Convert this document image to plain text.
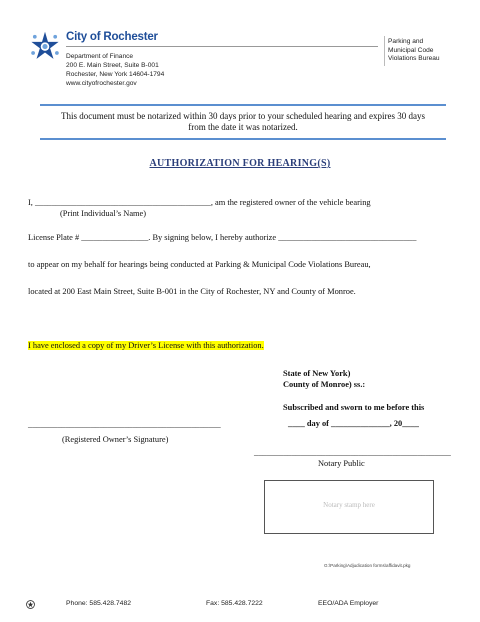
City of Rochester
Department of Finance
200 E. Main Street, Suite B-001
Rochester, New York 14604-1794
www.cityofrochester.gov
Parking and
Municipal Code
Violations Bureau
This document must be notarized within 30 days prior to your scheduled hearing and expires 30 days
from the date it was notarized.
AUTHORIZATION FOR HEARING(S)
I, __________________________________________, am the registered owner of the vehicle bearing
(Print Individual’s Name)
License Plate # ________________. By signing below, I hereby authorize _________________________________
to appear on my behalf for hearings being conducted at Parking & Municipal Code Violations Bureau,
located at 200 East Main Street, Suite B-001 in the City of Rochester, NY and County of Monroe.
I have enclosed a copy of my Driver’s License with this authorization.
State of New York)
County of Monroe) ss.:
Subscribed and sworn to me before this
____ day of ______________, 20____
______________________________________________
(Registered Owner’s Signature)
_______________________________________________
Notary Public
Notary stamp here
G:\Parking\Adjudication forms\affidavit.pkg
Phone: 585.428.7482	Fax: 585.428.7222	EEO/ADA Employer
